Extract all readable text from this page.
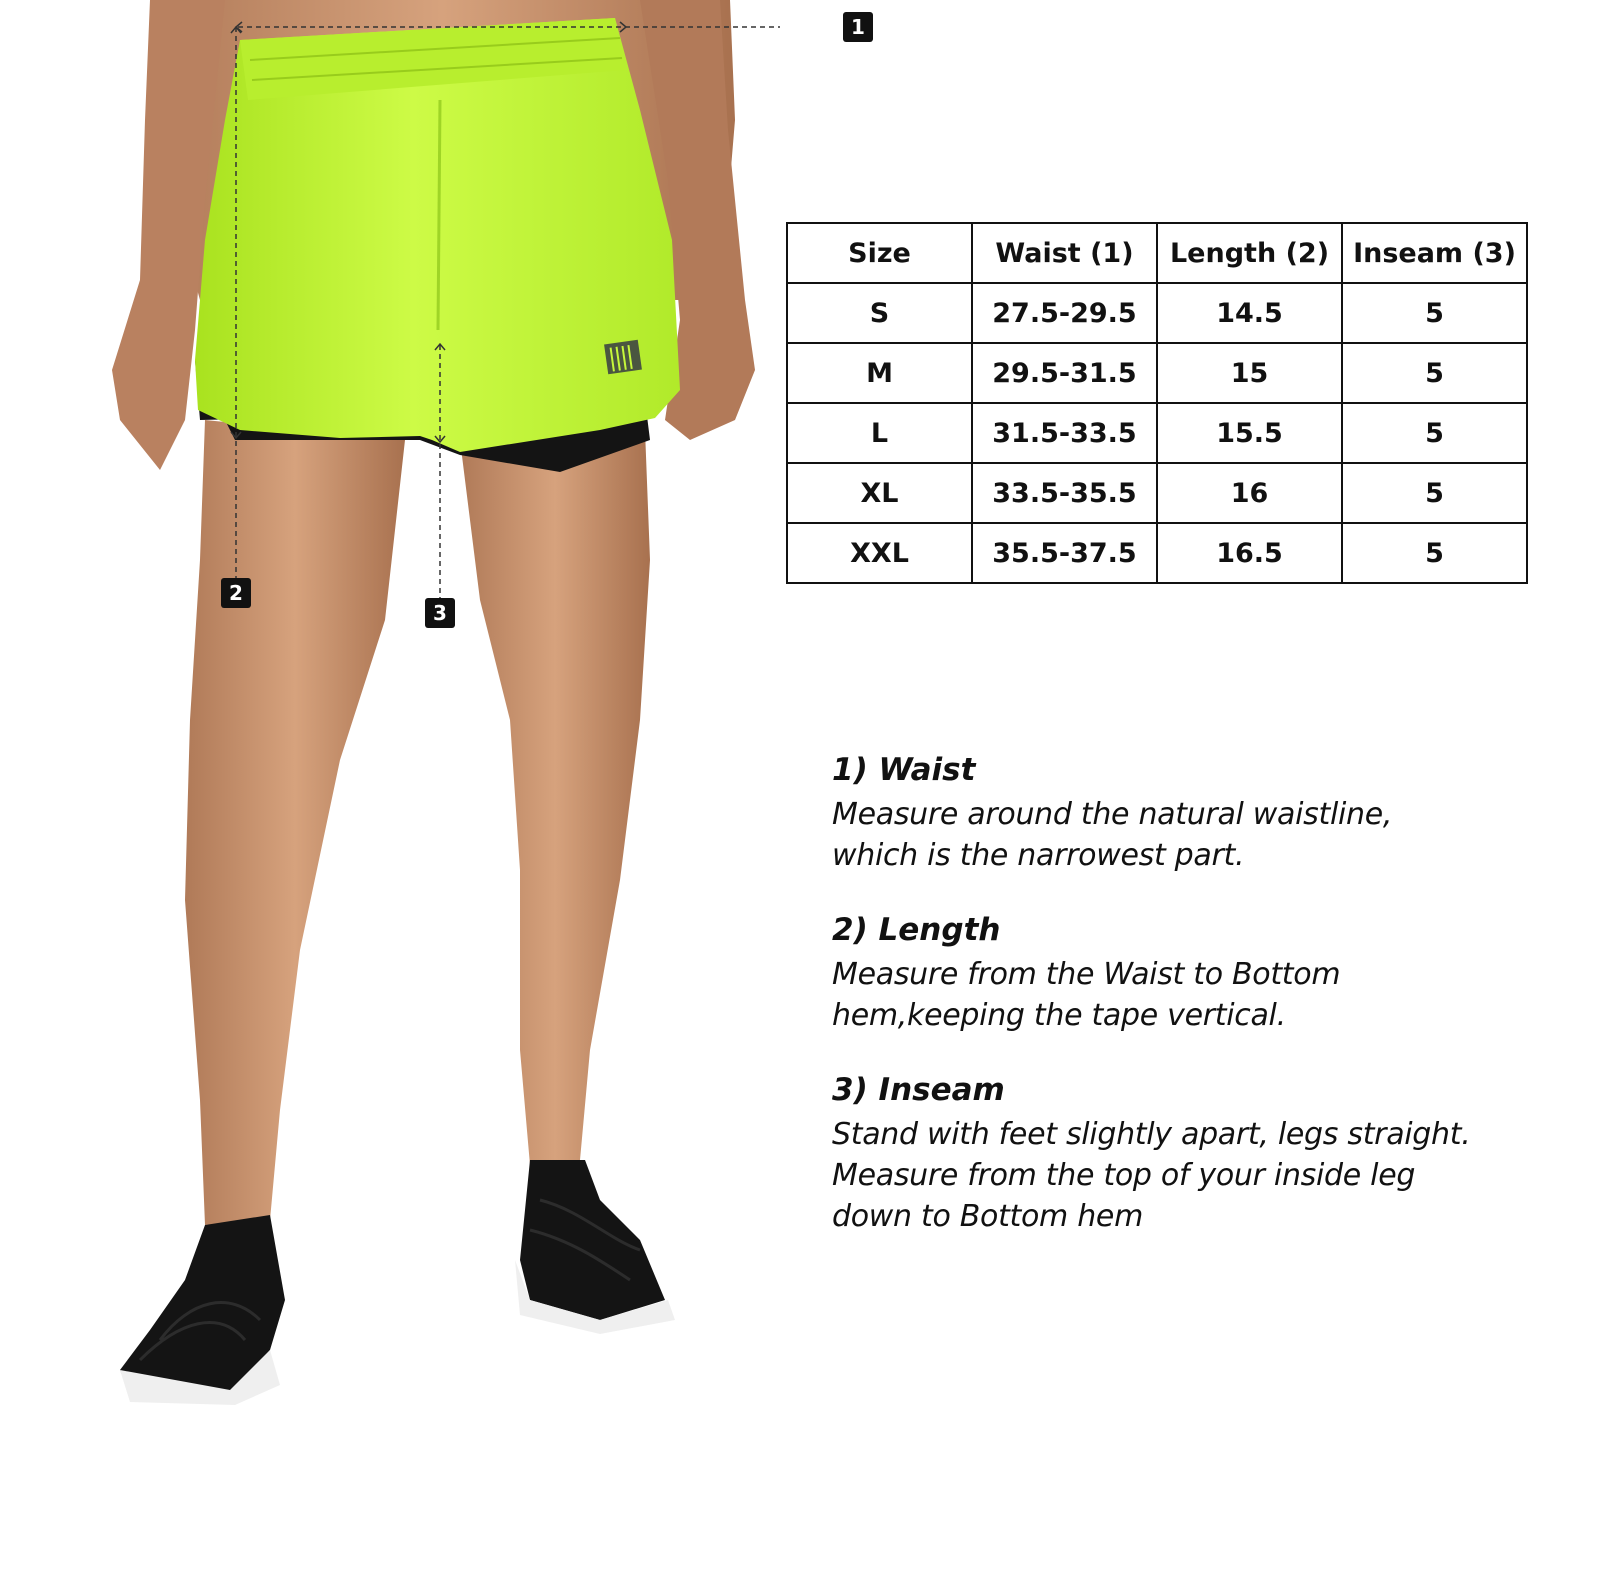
1
2
3
Size	Waist (1)	Length (2)	Inseam (3)
S	27.5-29.5	14.5	5
M	29.5-31.5	15	5
L	31.5-33.5	15.5	5
XL	33.5-35.5	16	5
XXL	35.5-37.5	16.5	5

1) Waist

Measure around the natural waistline,

which is the narrowest part.

2) Length

Measure from the Waist to Bottom

hem,keeping the tape vertical.

3) Inseam

Stand with feet slightly apart, legs straight.

Measure from the top of your inside leg

down to Bottom hem
